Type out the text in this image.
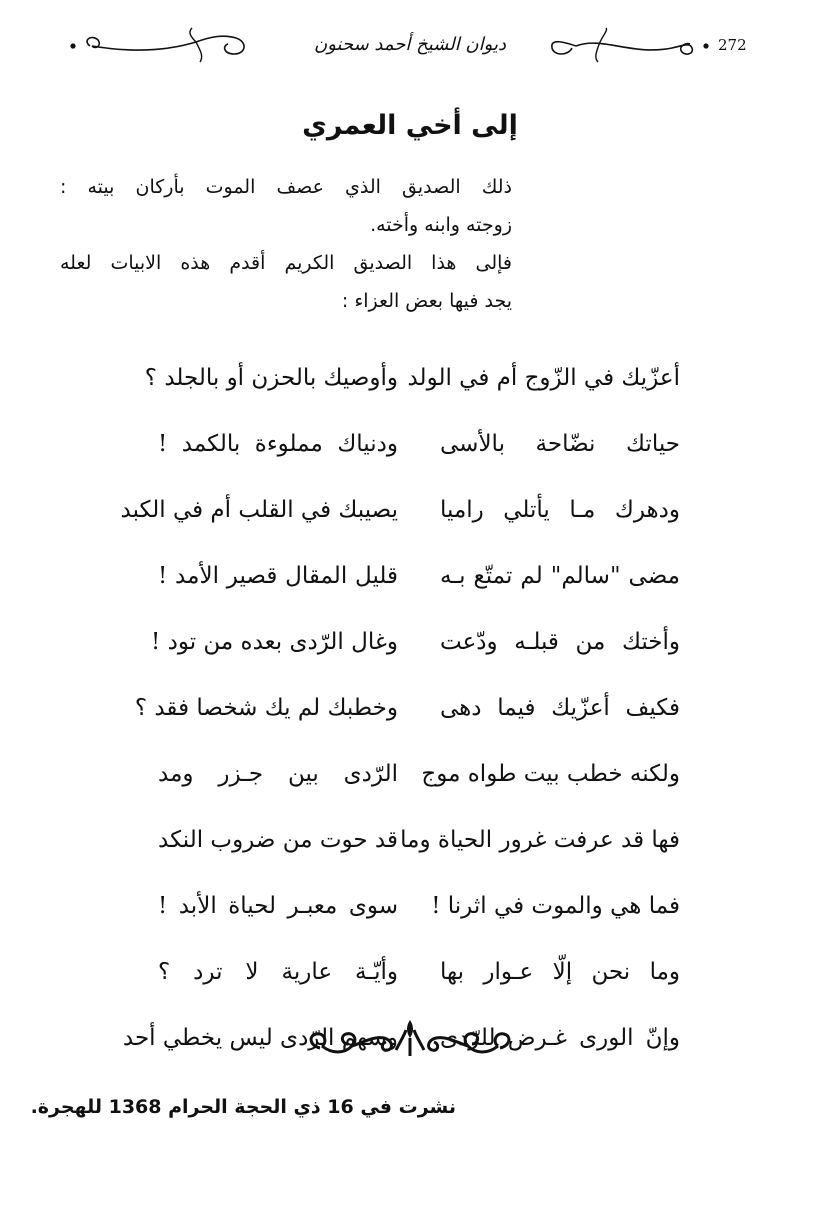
ديوان الشيخ أحمد سحنون	272
إلى أخي العمري
ذلك الصديق الذي عصف الموت بأركان بيته :
زوجته وابنه وأخته.
فإلى هذا الصديق الكريم أقدم هذه الابيات لعله
يجد فيها بعض العزاء :
أعزّيك في الزّوج أم في الولد
وأوصيك بالحزن أو بالجلد ؟
حياتك نضّاحة بالأسى
ودنياك مملوءة بالكمد !
ودهرك مـا يأتلي راميا
يصيبك في القلب أم في الكبد
مضى "سالم" لم تمتّع بـه
قليل المقال قصير الأمد !
وأختك من قبلـه ودّعت
وغال الرّدى بعده من تود !
فكيف أعزّيك فيما دهى
وخطبك لم يك شخصا فقد ؟
ولكنه خطب بيت طواه موج
الرّدى بين جـزر ومد
فها قد عرفت غرور الحياة وما
قد حوت من ضروب النكد
فما هي والموت في اثرنا !
سوى معبـر لحياة الأبد !
وما نحن إلّا عـوار بها
وأيّـة عارية لا ترد ؟
وإنّ الورى غـرض للرّدى
وسهم الرّدى ليس يخطي أحد
نشرت في 16 ذي الحجة الحرام 1368 للهجرة.
